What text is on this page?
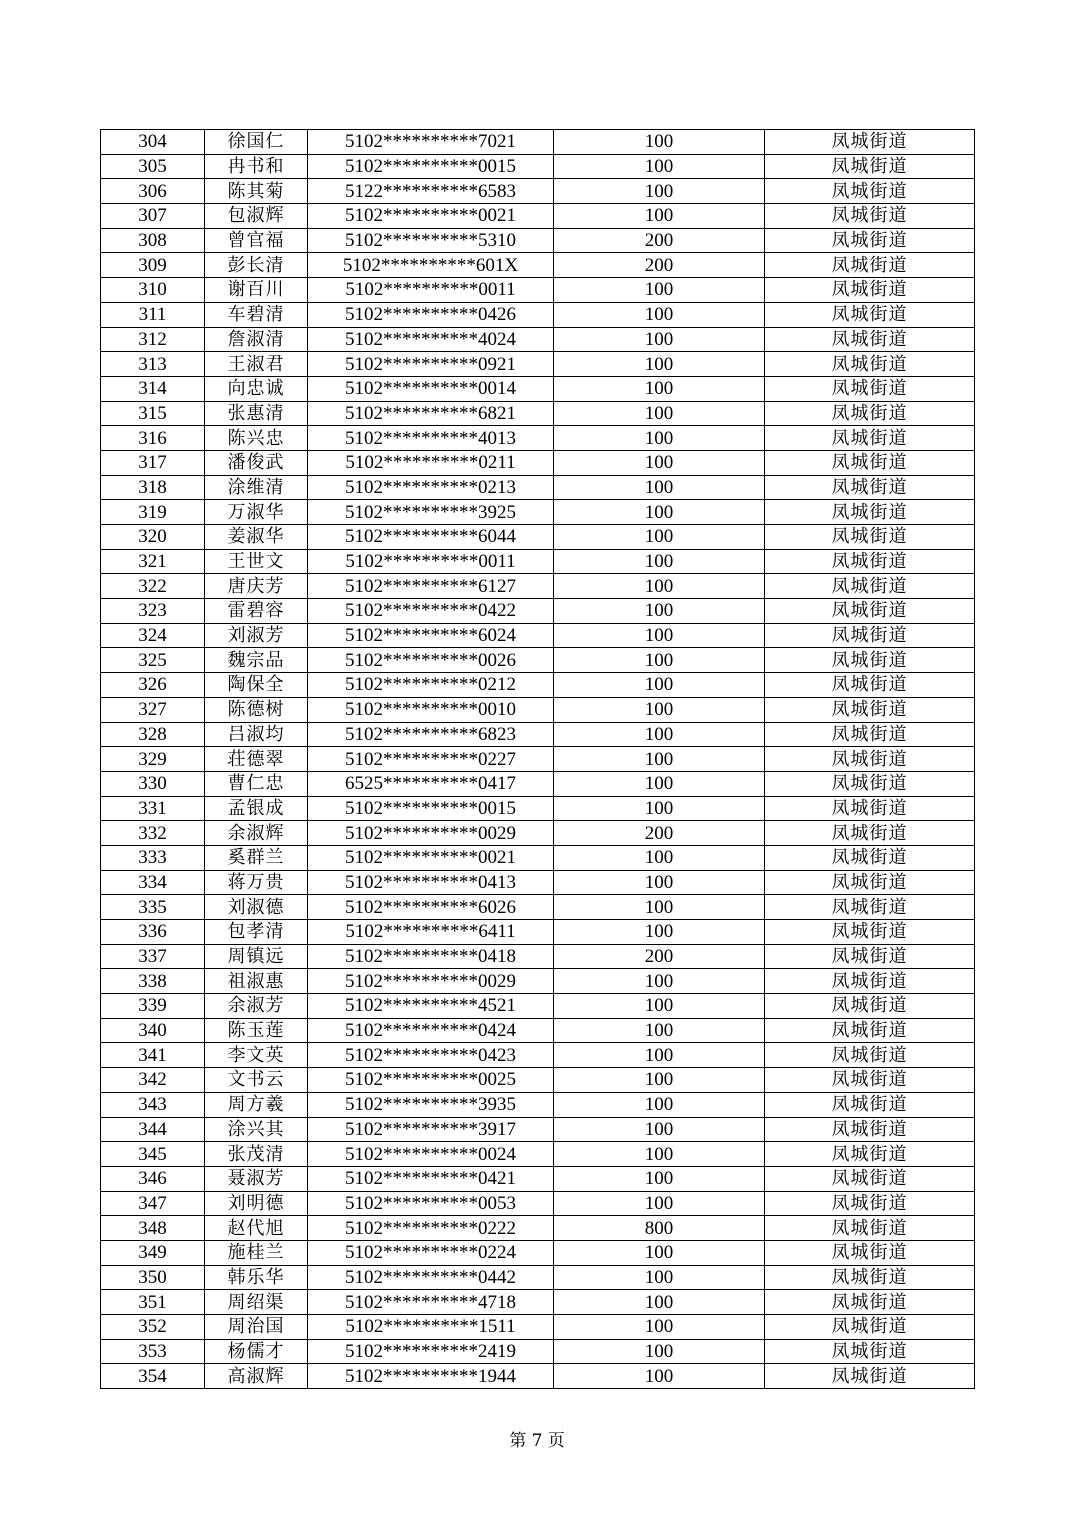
304	徐国仁	5102**********7021	100	凤城街道
305	冉书和	5102**********0015	100	凤城街道
306	陈其菊	5122**********6583	100	凤城街道
307	包淑辉	5102**********0021	100	凤城街道
308	曾官福	5102**********5310	200	凤城街道
309	彭长清	5102**********601X	200	凤城街道
310	谢百川	5102**********0011	100	凤城街道
311	车碧清	5102**********0426	100	凤城街道
312	詹淑清	5102**********4024	100	凤城街道
313	王淑君	5102**********0921	100	凤城街道
314	向忠诚	5102**********0014	100	凤城街道
315	张惠清	5102**********6821	100	凤城街道
316	陈兴忠	5102**********4013	100	凤城街道
317	潘俊武	5102**********0211	100	凤城街道
318	涂维清	5102**********0213	100	凤城街道
319	万淑华	5102**********3925	100	凤城街道
320	姜淑华	5102**********6044	100	凤城街道
321	王世文	5102**********0011	100	凤城街道
322	唐庆芳	5102**********6127	100	凤城街道
323	雷碧容	5102**********0422	100	凤城街道
324	刘淑芳	5102**********6024	100	凤城街道
325	魏宗品	5102**********0026	100	凤城街道
326	陶保全	5102**********0212	100	凤城街道
327	陈德树	5102**********0010	100	凤城街道
328	吕淑均	5102**********6823	100	凤城街道
329	荘德翠	5102**********0227	100	凤城街道
330	曹仁忠	6525**********0417	100	凤城街道
331	孟银成	5102**********0015	100	凤城街道
332	余淑辉	5102**********0029	200	凤城街道
333	奚群兰	5102**********0021	100	凤城街道
334	蒋万贵	5102**********0413	100	凤城街道
335	刘淑德	5102**********6026	100	凤城街道
336	包孝清	5102**********6411	100	凤城街道
337	周镇远	5102**********0418	200	凤城街道
338	祖淑惠	5102**********0029	100	凤城街道
339	余淑芳	5102**********4521	100	凤城街道
340	陈玉莲	5102**********0424	100	凤城街道
341	李文英	5102**********0423	100	凤城街道
342	文书云	5102**********0025	100	凤城街道
343	周方羲	5102**********3935	100	凤城街道
344	涂兴其	5102**********3917	100	凤城街道
345	张茂清	5102**********0024	100	凤城街道
346	聂淑芳	5102**********0421	100	凤城街道
347	刘明德	5102**********0053	100	凤城街道
348	赵代旭	5102**********0222	800	凤城街道
349	施桂兰	5102**********0224	100	凤城街道
350	韩乐华	5102**********0442	100	凤城街道
351	周绍渠	5102**********4718	100	凤城街道
352	周治国	5102**********1511	100	凤城街道
353	杨儒才	5102**********2419	100	凤城街道
354	高淑辉	5102**********1944	100	凤城街道
第 7 页
